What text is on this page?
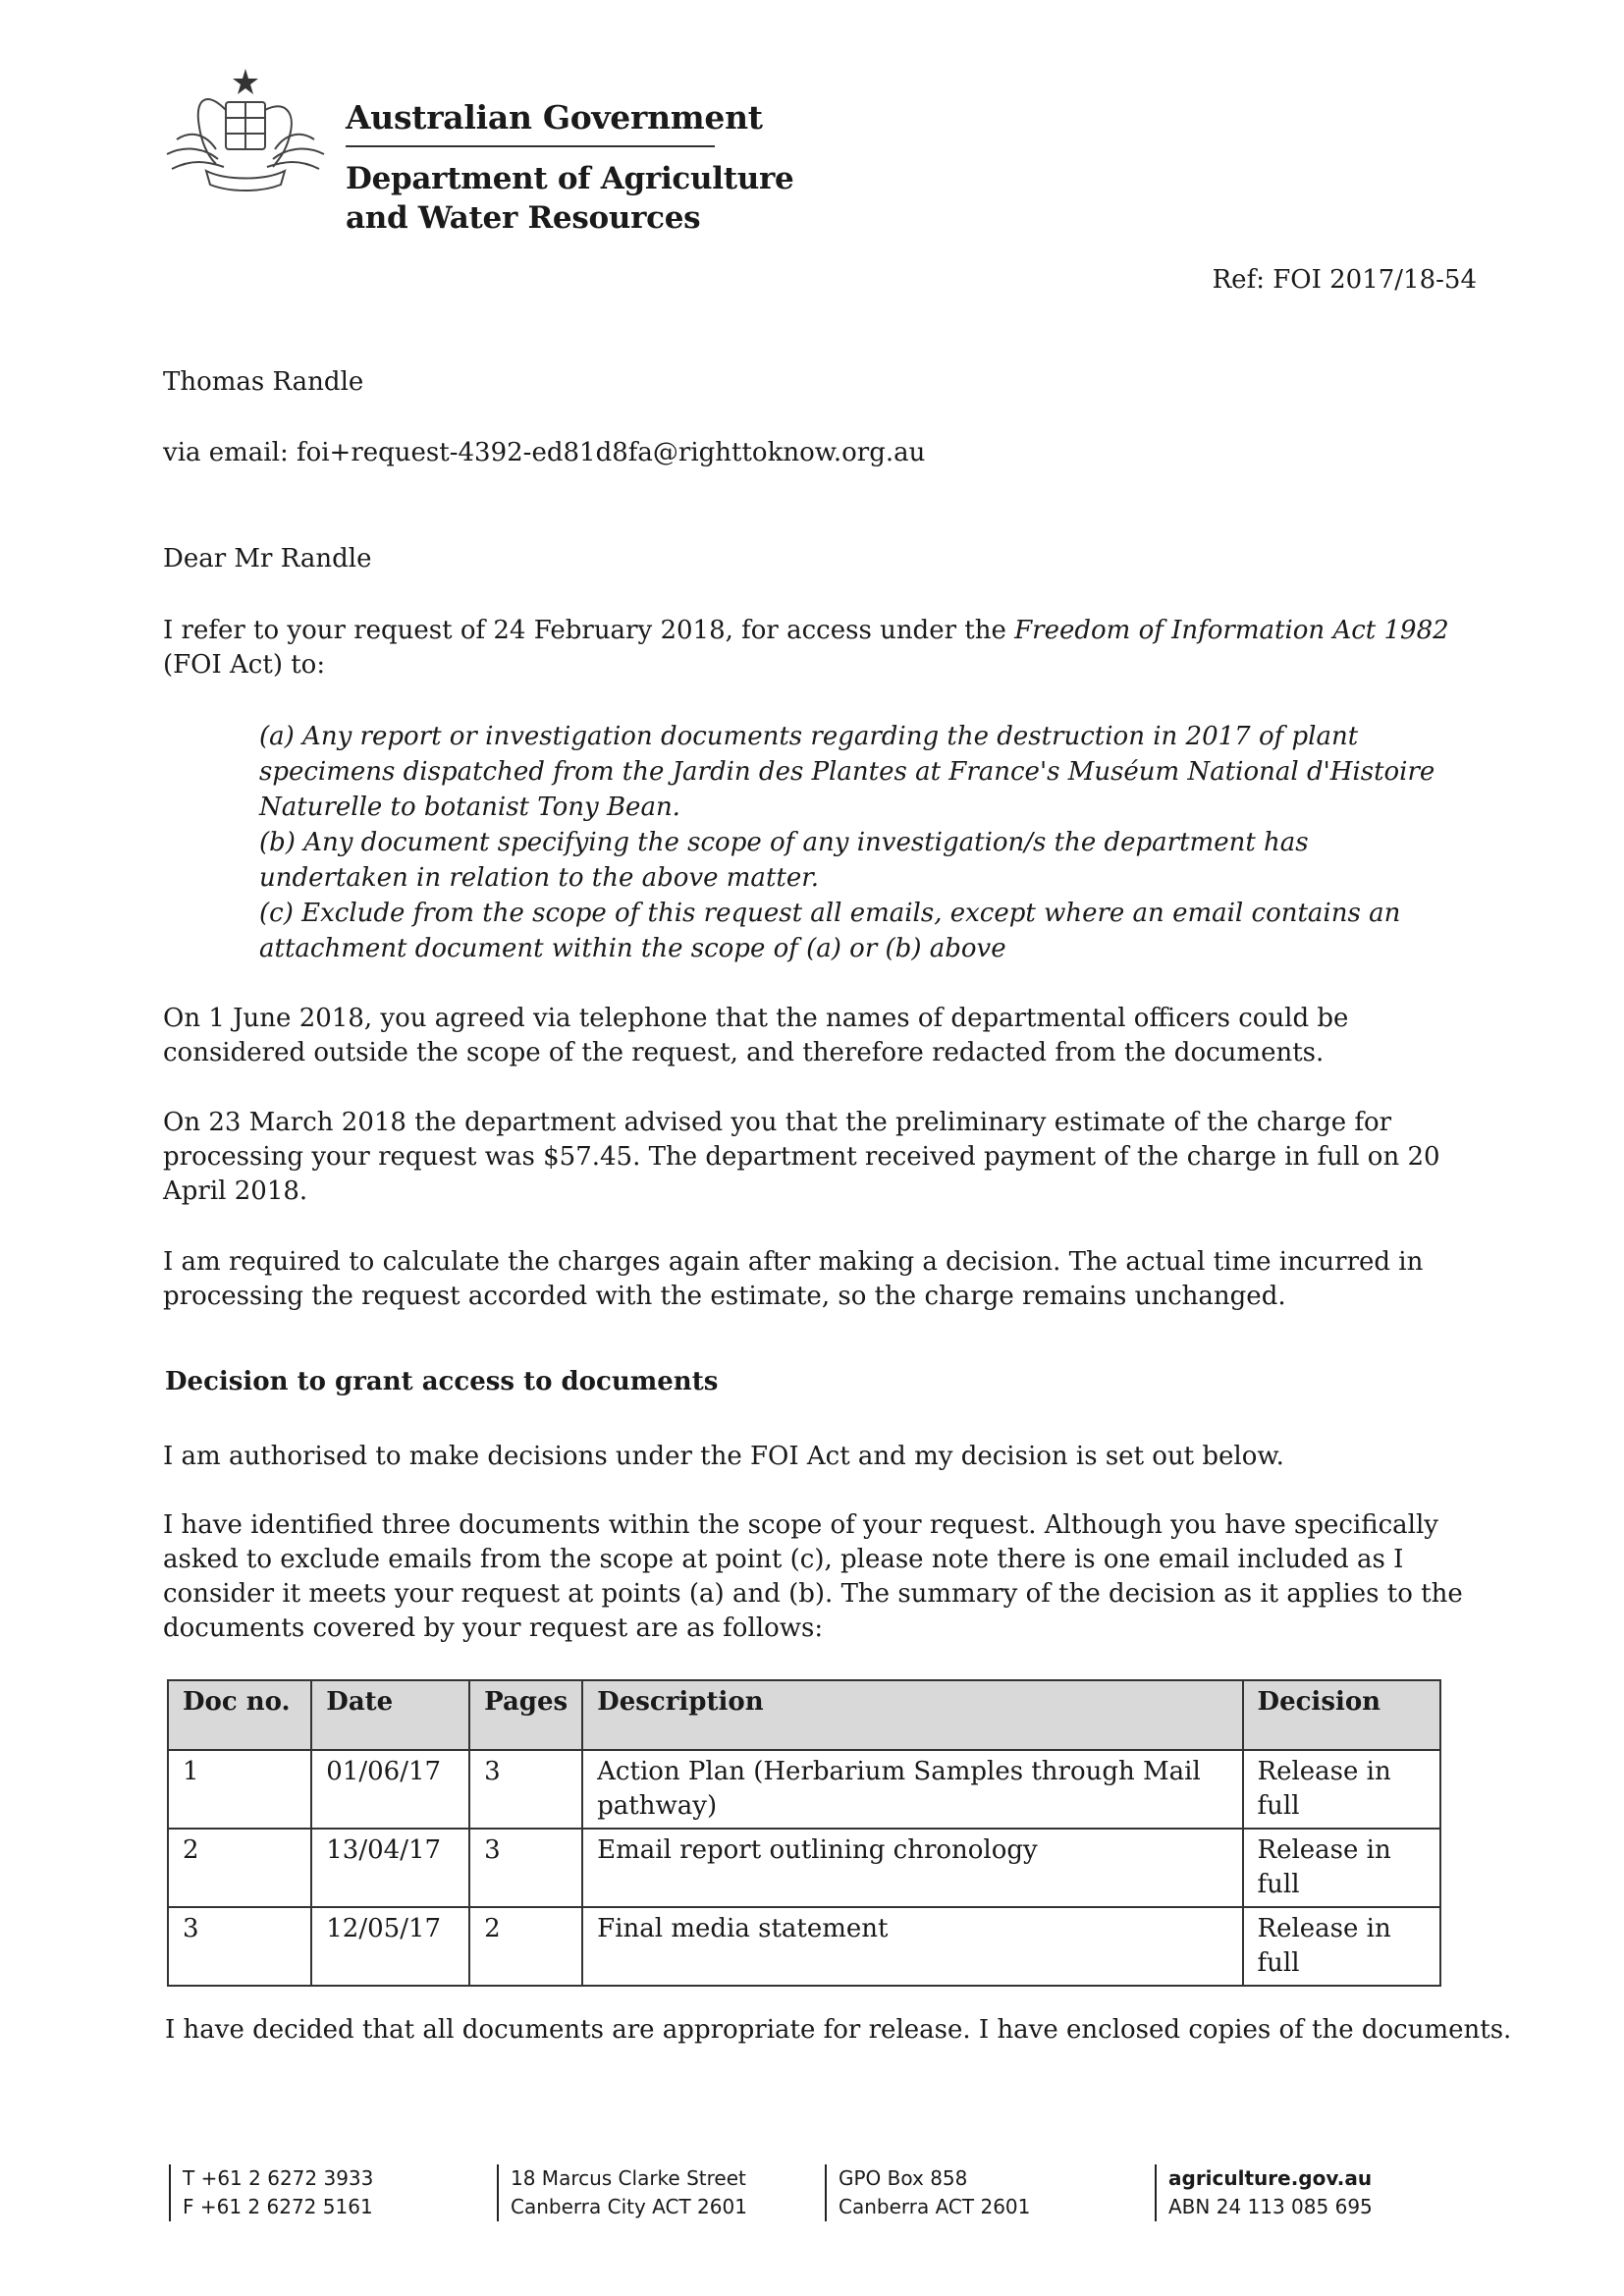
Australian Government
Department of Agriculture
and Water Resources
Ref: FOI 2017/18-54
Thomas Randle
via email: foi+request-4392-ed81d8fa@righttoknow.org.au
Dear Mr Randle
I refer to your request of 24 February 2018, for access under the Freedom of Information Act 1982 (FOI Act) to:
(a) Any report or investigation documents regarding the destruction in 2017 of plant specimens dispatched from the Jardin des Plantes at France's Muséum National d'Histoire Naturelle to botanist Tony Bean.
(b) Any document specifying the scope of any investigation/s the department has undertaken in relation to the above matter.
(c) Exclude from the scope of this request all emails, except where an email contains an attachment document within the scope of (a) or (b) above
On 1 June 2018, you agreed via telephone that the names of departmental officers could be considered outside the scope of the request, and therefore redacted from the documents.
On 23 March 2018 the department advised you that the preliminary estimate of the charge for processing your request was $57.45. The department received payment of the charge in full on 20 April 2018.
I am required to calculate the charges again after making a decision. The actual time incurred in processing the request accorded with the estimate, so the charge remains unchanged.
Decision to grant access to documents
I am authorised to make decisions under the FOI Act and my decision is set out below.
I have identified three documents within the scope of your request. Although you have specifically asked to exclude emails from the scope at point (c), please note there is one email included as I consider it meets your request at points (a) and (b). The summary of the decision as it applies to the documents covered by your request are as follows:
Doc no.	Date	Pages	Description	Decision
1	01/06/17	3	Action Plan (Herbarium Samples through Mail pathway)	Release in full
2	13/04/17	3	Email report outlining chronology	Release in full
3	12/05/17	2	Final media statement	Release in full
I have decided that all documents are appropriate for release. I have enclosed copies of the documents.
T +61 2 6272 3933
F +61 2 6272 5161
18 Marcus Clarke Street
Canberra City ACT 2601
GPO Box 858
Canberra ACT 2601
agriculture.gov.au
ABN 24 113 085 695
